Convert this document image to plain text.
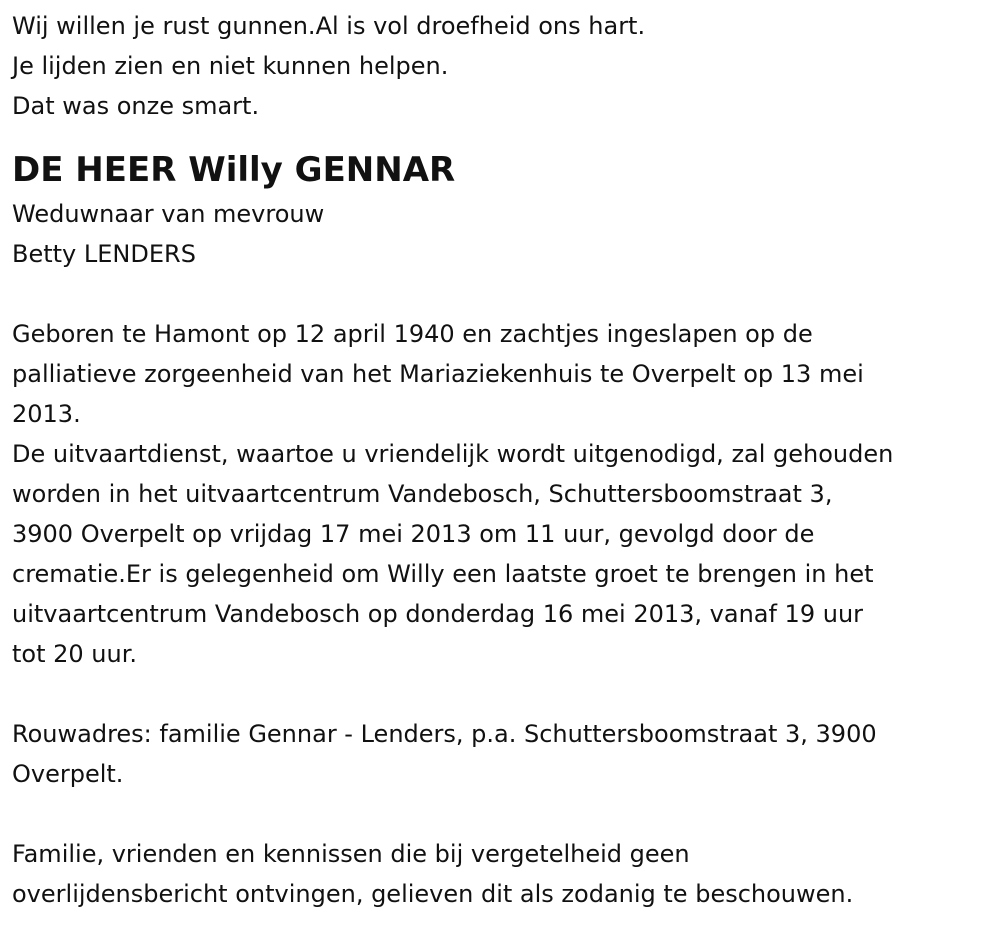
Wij willen je rust gunnen.Al is vol droefheid ons hart.

Je lijden zien en niet kunnen helpen.

Dat was onze smart.

DE HEER Willy GENNAR

Weduwnaar van mevrouw

Betty LENDERS

Geboren te Hamont op 12 april 1940 en zachtjes ingeslapen op de

palliatieve zorgeenheid van het Mariaziekenhuis te Overpelt op 13 mei

2013.

De uitvaartdienst, waartoe u vriendelijk wordt uitgenodigd, zal gehouden

worden in het uitvaartcentrum Vandebosch, Schuttersboomstraat 3,

3900 Overpelt op vrijdag 17 mei 2013 om 11 uur, gevolgd door de

crematie.Er is gelegenheid om Willy een laatste groet te brengen in het

uitvaartcentrum Vandebosch op donderdag 16 mei 2013, vanaf 19 uur

tot 20 uur.

Rouwadres: familie Gennar - Lenders, p.a. Schuttersboomstraat 3, 3900

Overpelt.

Familie, vrienden en kennissen die bij vergetelheid geen

overlijdensbericht ontvingen, gelieven dit als zodanig te beschouwen.
